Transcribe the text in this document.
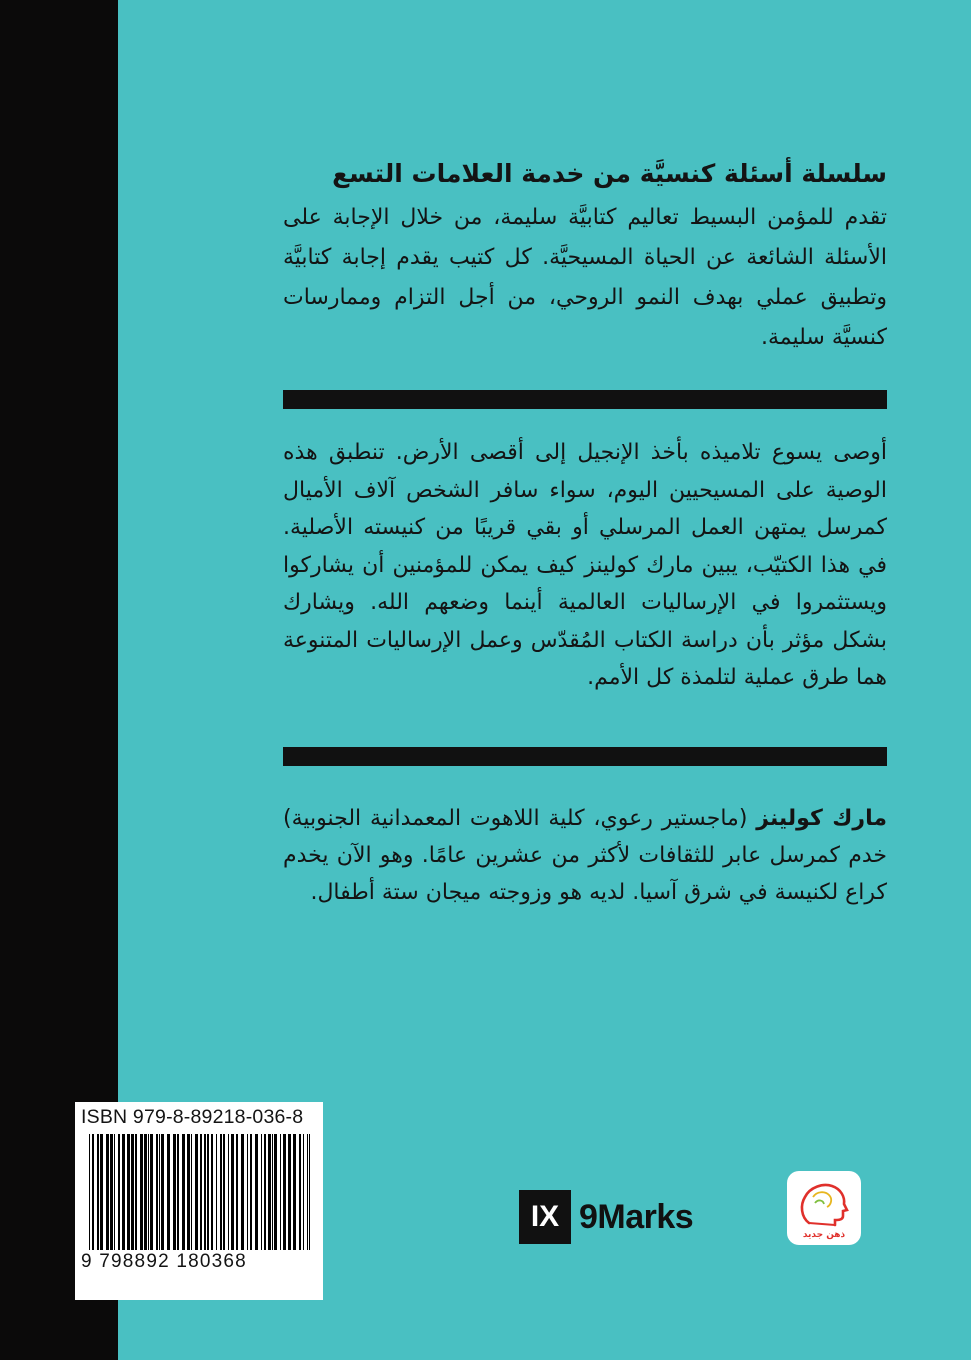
سلسلة أسئلة كنسيَّة من خدمة العلامات التسع
تقدم للمؤمن البسيط تعاليم كتابيَّة سليمة، من خلال الإجابة على الأسئلة الشائعة عن الحياة المسيحيَّة. كل كتيب يقدم إجابة كتابيَّة وتطبيق عملي بهدف النمو الروحي، من أجل التزام وممارسات كنسيَّة سليمة.
أوصى يسوع تلاميذه بأخذ الإنجيل إلى أقصى الأرض. تنطبق هذه الوصية على المسيحيين اليوم، سواء سافر الشخص آلاف الأميال كمرسل يمتهن العمل المرسلي أو بقي قريبًا من كنيسته الأصلية. في هذا الكتيّب، يبين مارك كولينز كيف يمكن للمؤمنين أن يشاركوا ويستثمروا في الإرساليات العالمية أينما وضعهم الله. ويشارك بشكل مؤثر بأن دراسة الكتاب المُقدّس وعمل الإرساليات المتنوعة هما طرق عملية لتلمذة كل الأمم.
مارك كولينز (ماجستير رعوي، كلية اللاهوت المعمدانية الجنوبية) خدم كمرسل عابر للثقافات لأكثر من عشرين عامًا. وهو الآن يخدم كراع لكنيسة في شرق آسيا. لديه هو وزوجته ميجان ستة أطفال.
ISBN 979-8-89218-036-8
9 798892 180368
IX 9Marks	ذهن جديد
